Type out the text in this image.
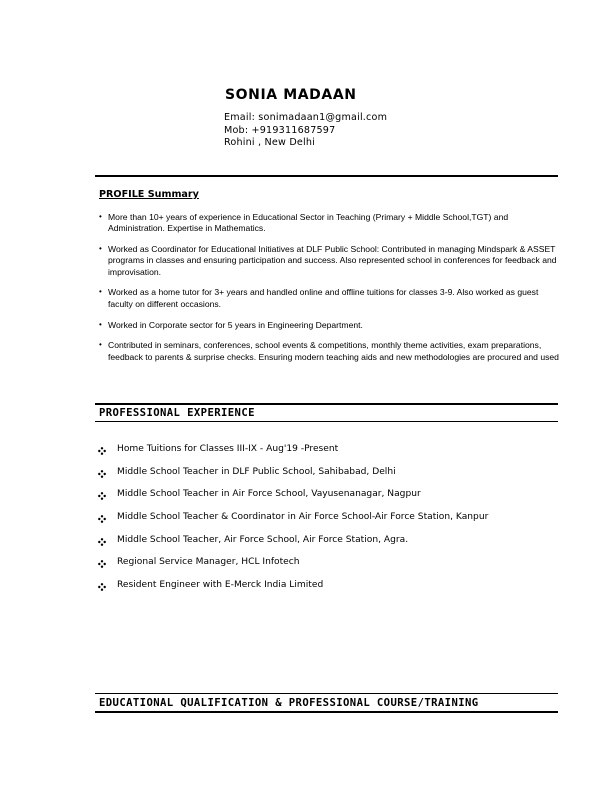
SONIA MADAAN
Email: sonimadaan1@gmail.com
Mob: +919311687597
Rohini , New Delhi
PROFILE Summary
• More than 10+ years of experience in Educational Sector in Teaching (Primary + Middle School,TGT) and Administration. Expertise in Mathematics.
• Worked as Coordinator for Educational Initiatives at DLF Public School: Contributed in managing Mindspark & ASSET programs in classes and ensuring participation and success. Also represented school in conferences for feedback and improvisation.
• Worked as a home tutor for 3+ years and handled online and offline tuitions for classes 3-9. Also worked as guest faculty on different occasions.
• Worked in Corporate sector for 5 years in Engineering Department.
• Contributed in seminars, conferences, school events & competitions, monthly theme activities, exam preparations, feedback to parents & surprise checks. Ensuring modern teaching aids and new methodologies are procured and used
PROFESSIONAL EXPERIENCE
Home Tuitions for Classes III-IX - Aug'19 -Present
Middle School Teacher in DLF Public School, Sahibabad, Delhi
Middle School Teacher in Air Force School, Vayusenanagar, Nagpur
Middle School Teacher & Coordinator in Air Force School-Air Force Station, Kanpur
Middle School Teacher, Air Force School, Air Force Station, Agra.
Regional Service Manager, HCL Infotech
Resident Engineer with E-Merck India Limited
EDUCATIONAL QUALIFICATION & PROFESSIONAL COURSE/TRAINING
